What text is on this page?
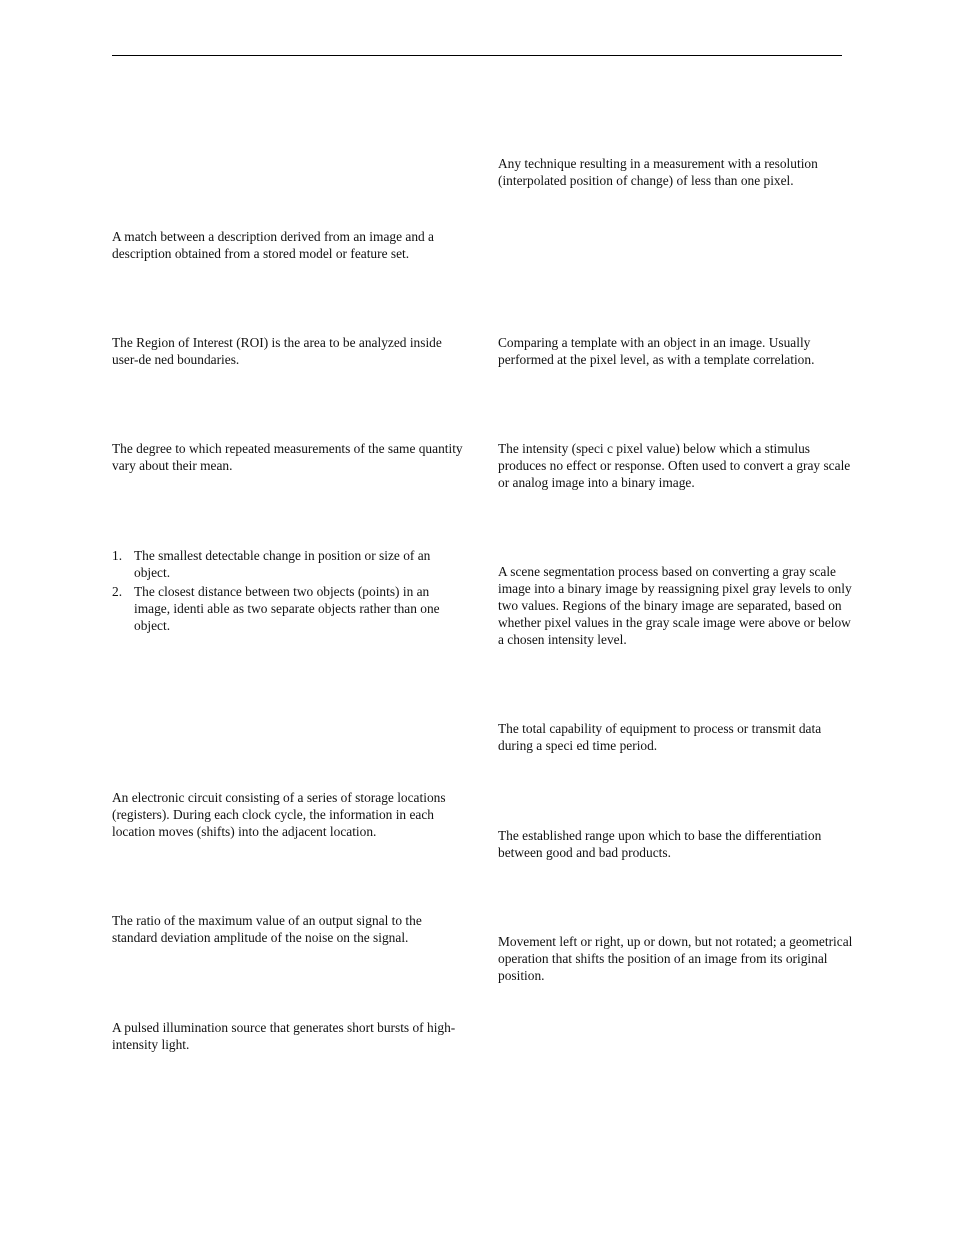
A match between a description derived from an image and a description obtained from a stored model or feature set.

The Region of Interest (ROI) is the area to be analyzed inside user-de ned boundaries.

The degree to which repeated measurements of the same quantity vary about their mean.

1. The smallest detectable change in position or size of an object.
2. The closest distance between two objects (points) in an image, identi able as two separate objects rather than one object.

An electronic circuit consisting of a series of storage locations (registers). During each clock cycle, the information in each location moves (shifts) into the adjacent location.

The ratio of the maximum value of an output signal to the standard deviation amplitude of the noise on the signal.

A pulsed illumination source that generates short bursts of high-intensity light.

Any technique resulting in a measurement with a resolution (interpolated position of change) of less than one pixel.

Comparing a template with an object in an image. Usually performed at the pixel level, as with a template correlation.

The intensity (speci c pixel value) below which a stimulus produces no effect or response. Often used to convert a gray scale or analog image into a binary image.

A scene segmentation process based on converting a gray scale image into a binary image by reassigning pixel gray levels to only two values. Regions of the binary image are separated, based on whether pixel values in the gray scale image were above or below a chosen intensity level.

The total capability of equipment to process or transmit data during a speci ed time period.

The established range upon which to base the differentiation between good and bad products.

Movement left or right, up or down, but not rotated; a geometrical operation that shifts the position of an image from its original position.
